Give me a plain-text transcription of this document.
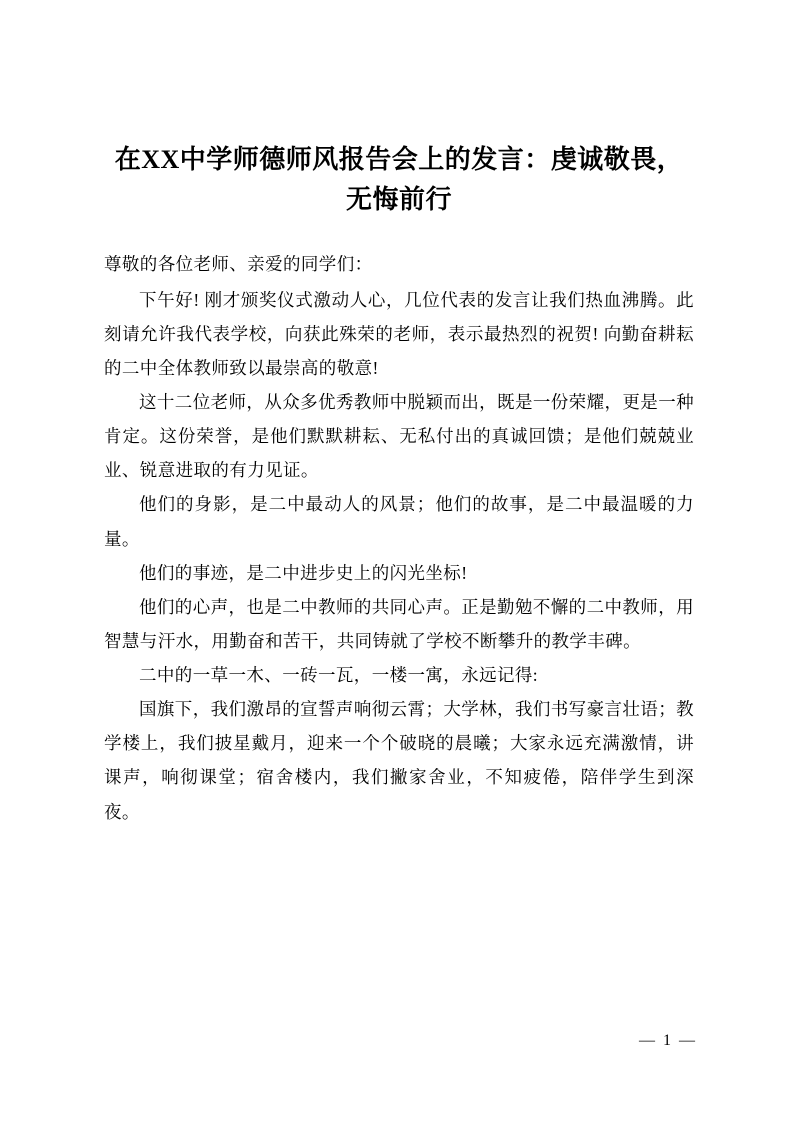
在XX中学师德师风报告会上的发言：虔诚敬畏，无悔前行

尊敬的各位老师、亲爱的同学们：

下午好! 刚才颁奖仪式激动人心，几位代表的发言让我们热血沸腾。此刻请允许我代表学校，向获此殊荣的老师，表示最热烈的祝贺! 向勤奋耕耘的二中全体教师致以最崇高的敬意!

这十二位老师，从众多优秀教师中脱颖而出，既是一份荣耀，更是一种肯定。这份荣誉，是他们默默耕耘、无私付出的真诚回馈；是他们兢兢业业、锐意进取的有力见证。

他们的身影，是二中最动人的风景；他们的故事，是二中最温暖的力量。

他们的事迹，是二中进步史上的闪光坐标!

他们的心声，也是二中教师的共同心声。正是勤勉不懈的二中教师，用智慧与汗水，用勤奋和苦干，共同铸就了学校不断攀升的教学丰碑。

二中的一草一木、一砖一瓦，一楼一寓，永远记得:

国旗下，我们激昂的宣誓声响彻云霄；大学林，我们书写豪言壮语；教学楼上，我们披星戴月，迎来一个个破晓的晨曦；大家永远充满激情，讲课声，响彻课堂；宿舍楼内，我们撇家舍业，不知疲倦，陪伴学生到深夜。

— 1 —
